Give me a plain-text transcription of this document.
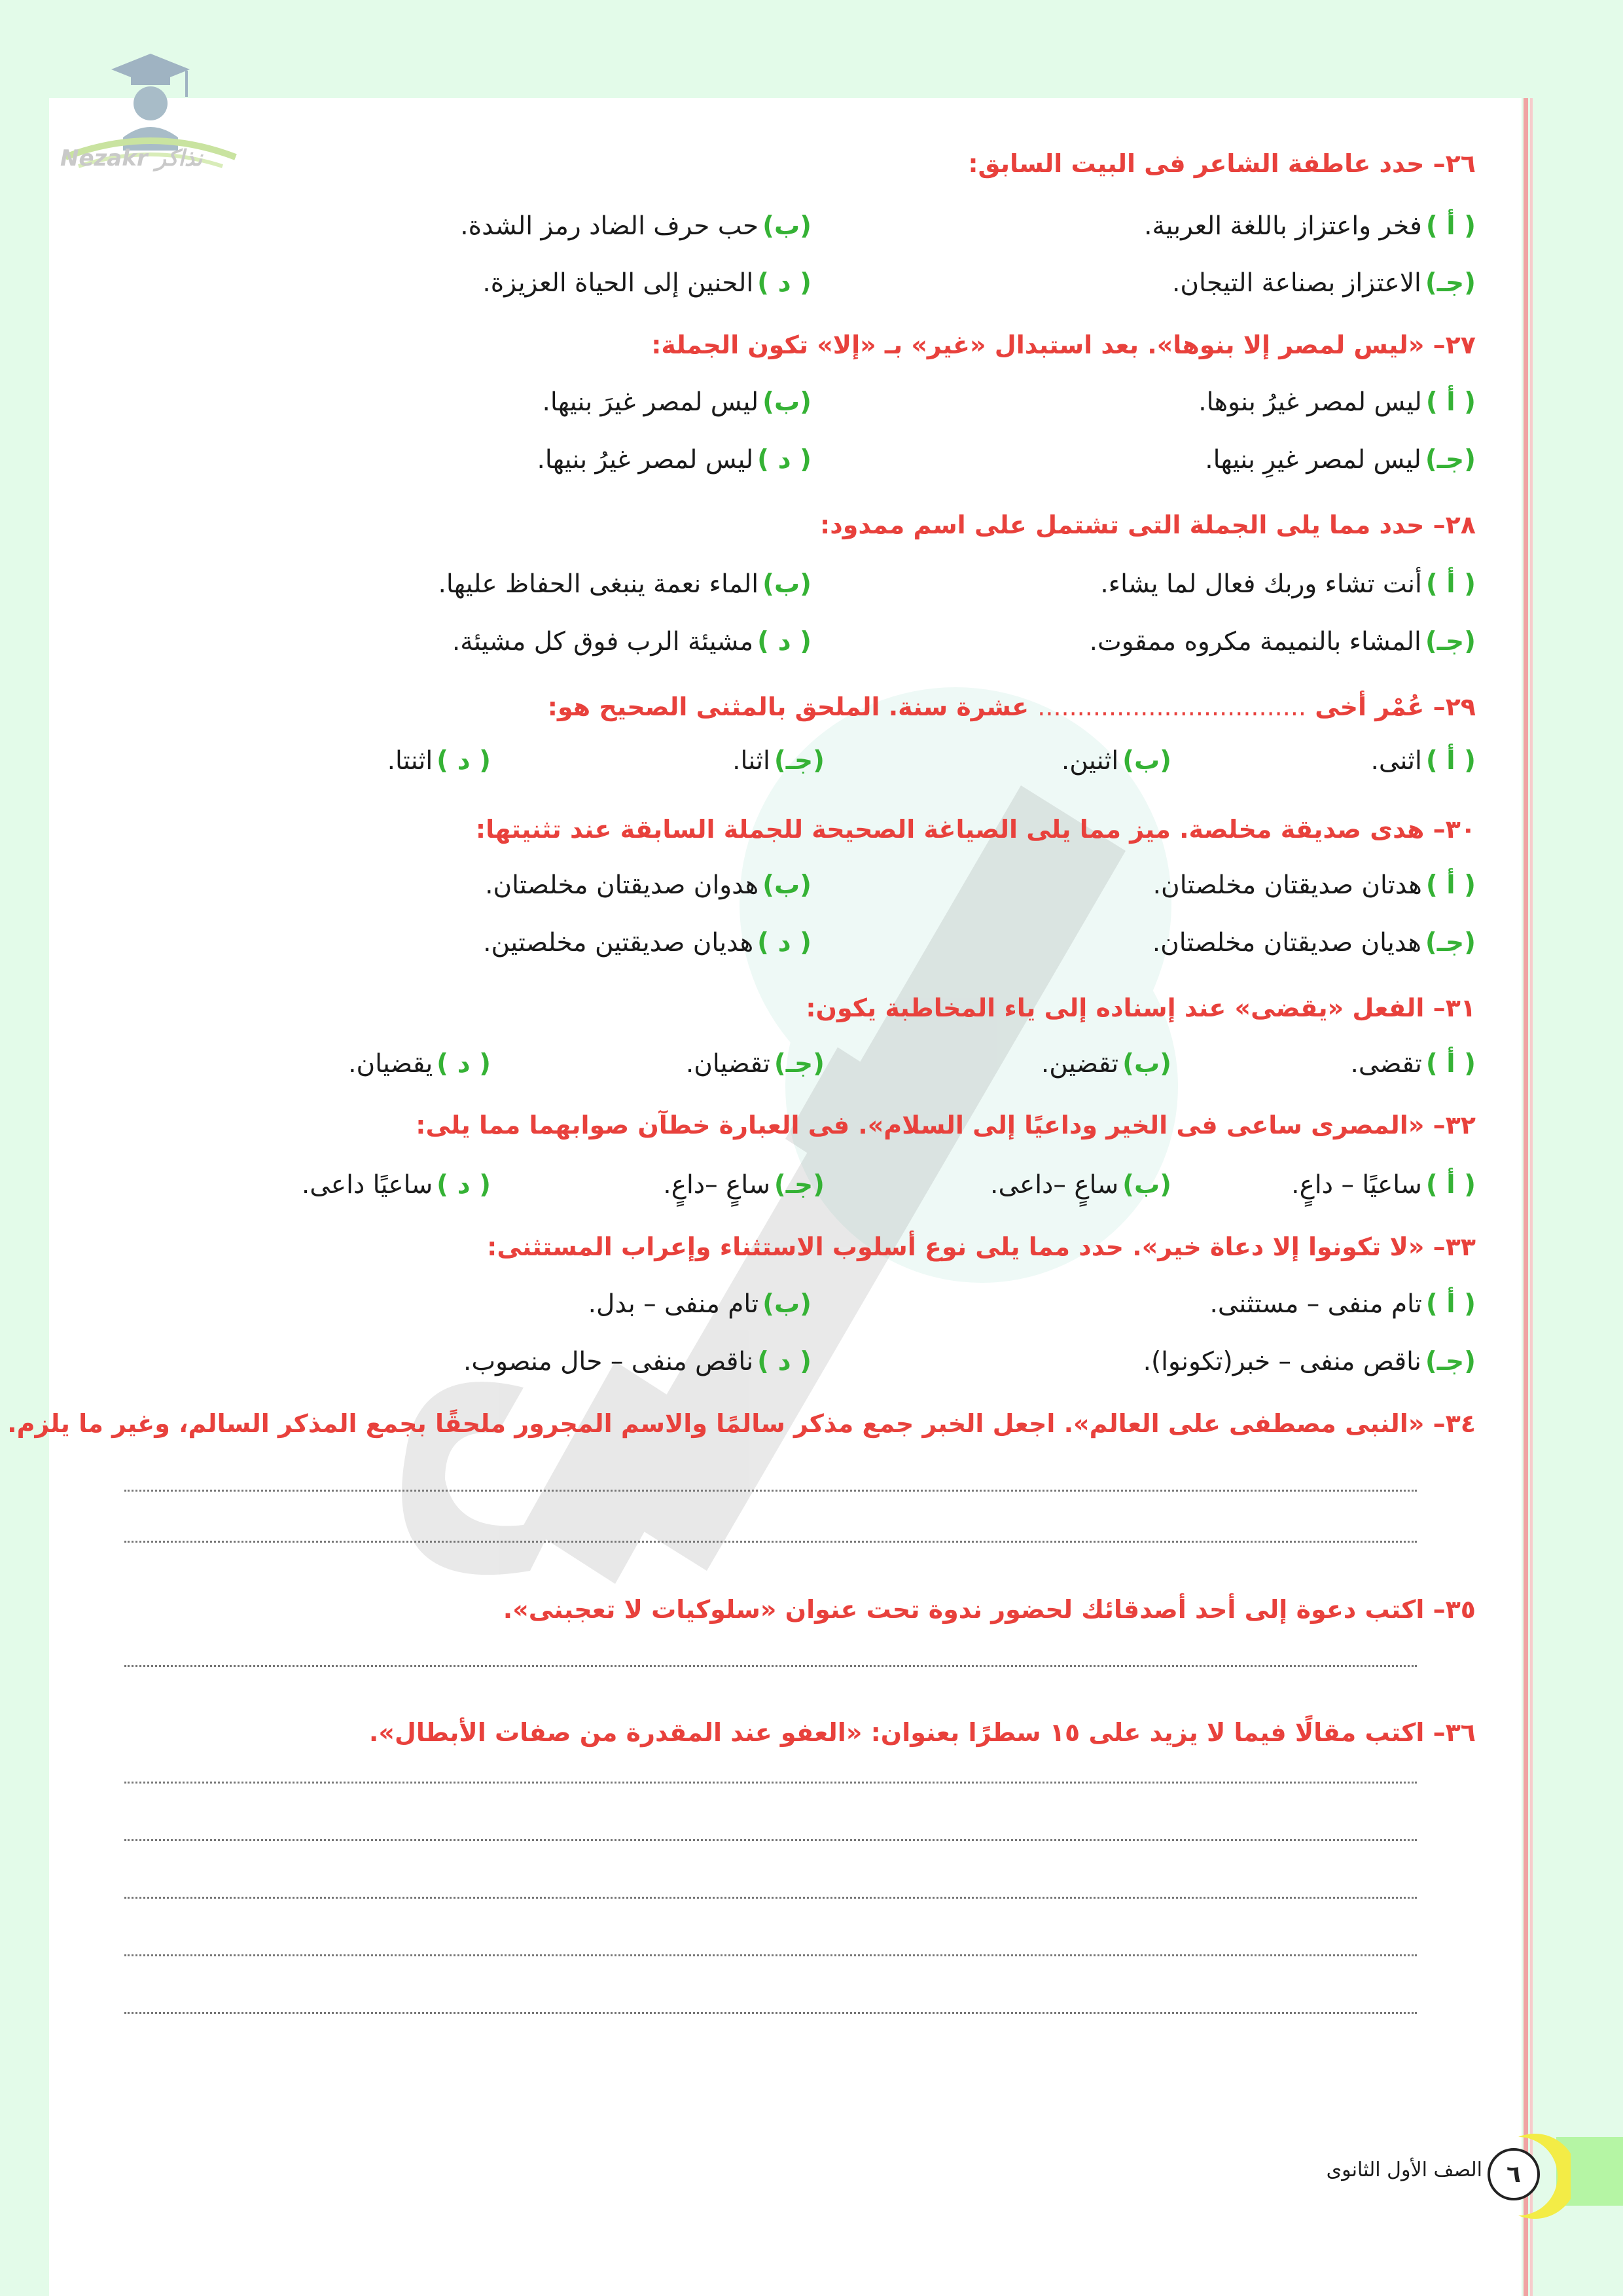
Nezakr نذاكر	٢٦– حدد عاطفة الشاعر فى البيت السابق:
( أ )فخر واعتزاز باللغة العربية.
(ب)حب حرف الضاد رمز الشدة.
(جـ)الاعتزاز بصناعة التيجان.
( د )الحنين إلى الحياة العزيزة.
٢٧– «ليس لمصر إلا بنوها». بعد استبدال «غير» بـ «إلا» تكون الجملة:
( أ )ليس لمصر غيرُ بنوها.
(ب)ليس لمصر غيرَ بنيها.
(جـ)ليس لمصر غيرِ بنيها.
( د )ليس لمصر غيرُ بنيها.
٢٨– حدد مما يلى الجملة التى تشتمل على اسم ممدود:
( أ )أنت تشاء وربك فعال لما يشاء.
(ب)الماء نعمة ينبغى الحفاظ عليها.
(جـ)المشاء بالنميمة مكروه ممقوت.
( د )مشيئة الرب فوق كل مشيئة.
٢٩– عُمْر أخى .................................. عشرة سنة. الملحق بالمثنى الصحيح هو:
( أ )اثنى.
(ب)اثنين.
(جـ)اثنا.
( د )اثنتا.
٣٠– هدى صديقة مخلصة. ميز مما يلى الصياغة الصحيحة للجملة السابقة عند تثنيتها:
( أ )هدتان صديقتان مخلصتان.
(ب)هدوان صديقتان مخلصتان.
(جـ)هديان صديقتان مخلصتان.
( د )هديان صديقتين مخلصتين.
٣١– الفعل «يقضى» عند إسناده إلى ياء المخاطبة يكون:
( أ )تقضى.
(ب)تقضين.
(جـ)تقضيان.
( د )يقضيان.
٣٢– «المصرى ساعى فى الخير وداعيًا إلى السلام». فى العبارة خطآن صوابهما مما يلى:
( أ )ساعيًا – داعٍ.
(ب)ساعٍ –داعى.
(جـ)ساعٍ –داعٍ.
( د )ساعيًا داعى.
٣٣– «لا تكونوا إلا دعاة خير». حدد مما يلى نوع أسلوب الاستثناء وإعراب المستثنى:
( أ )تام منفى – مستثنى.
(ب)تام منفى – بدل.
(جـ)ناقص منفى – خبر(تكونوا).
( د )ناقص منفى – حال منصوب.
٣٤– «النبى مصطفى على العالم». اجعل الخبر جمع مذكر سالمًا والاسم المجرور ملحقًا بجمع المذكر السالم، وغير ما يلزم.
٣٥– اكتب دعوة إلى أحد أصدقائك لحضور ندوة تحت عنوان «سلوكيات لا تعجبنى».
٣٦– اكتب مقالًا فيما لا يزيد على ١٥ سطرًا بعنوان: «العفو عند المقدرة من صفات الأبطال».
الصف الأول الثانوى	٦
